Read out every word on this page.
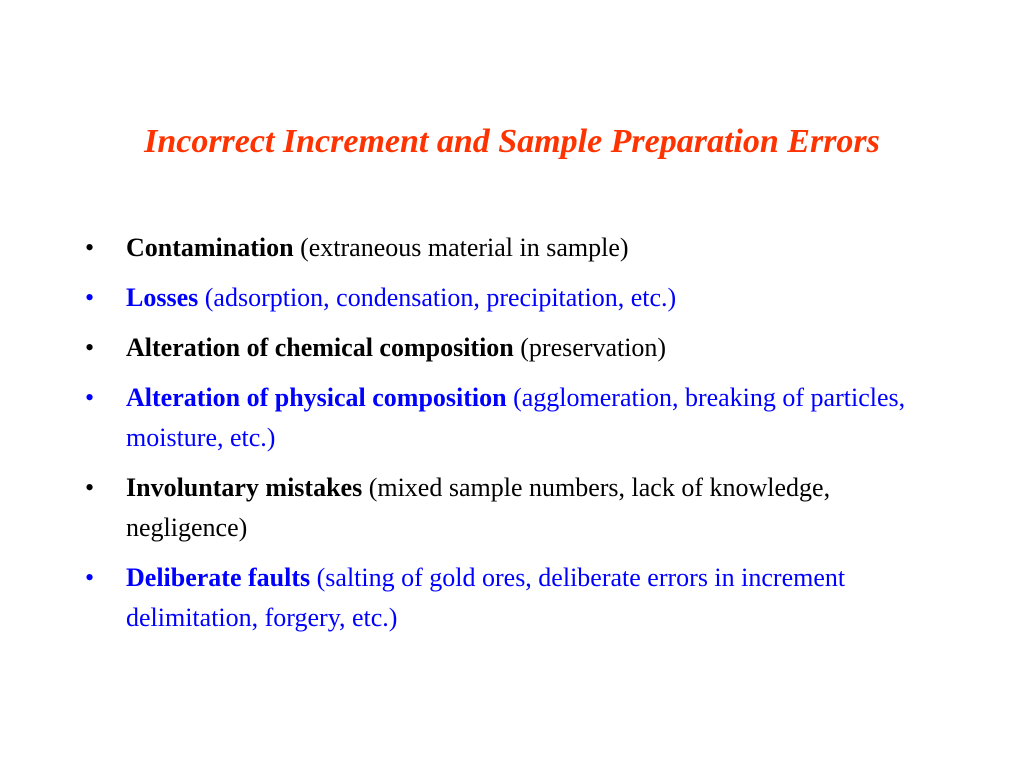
Incorrect Increment and Sample Preparation Errors
• Contamination (extraneous material in sample)
• Losses (adsorption, condensation, precipitation, etc.)
• Alteration of chemical composition (preservation)
• Alteration of physical composition (agglomeration, breaking of particles, moisture, etc.)
• Involuntary mistakes (mixed sample numbers, lack of knowledge, negligence)
• Deliberate faults (salting of gold ores, deliberate errors in increment delimitation, forgery, etc.)
